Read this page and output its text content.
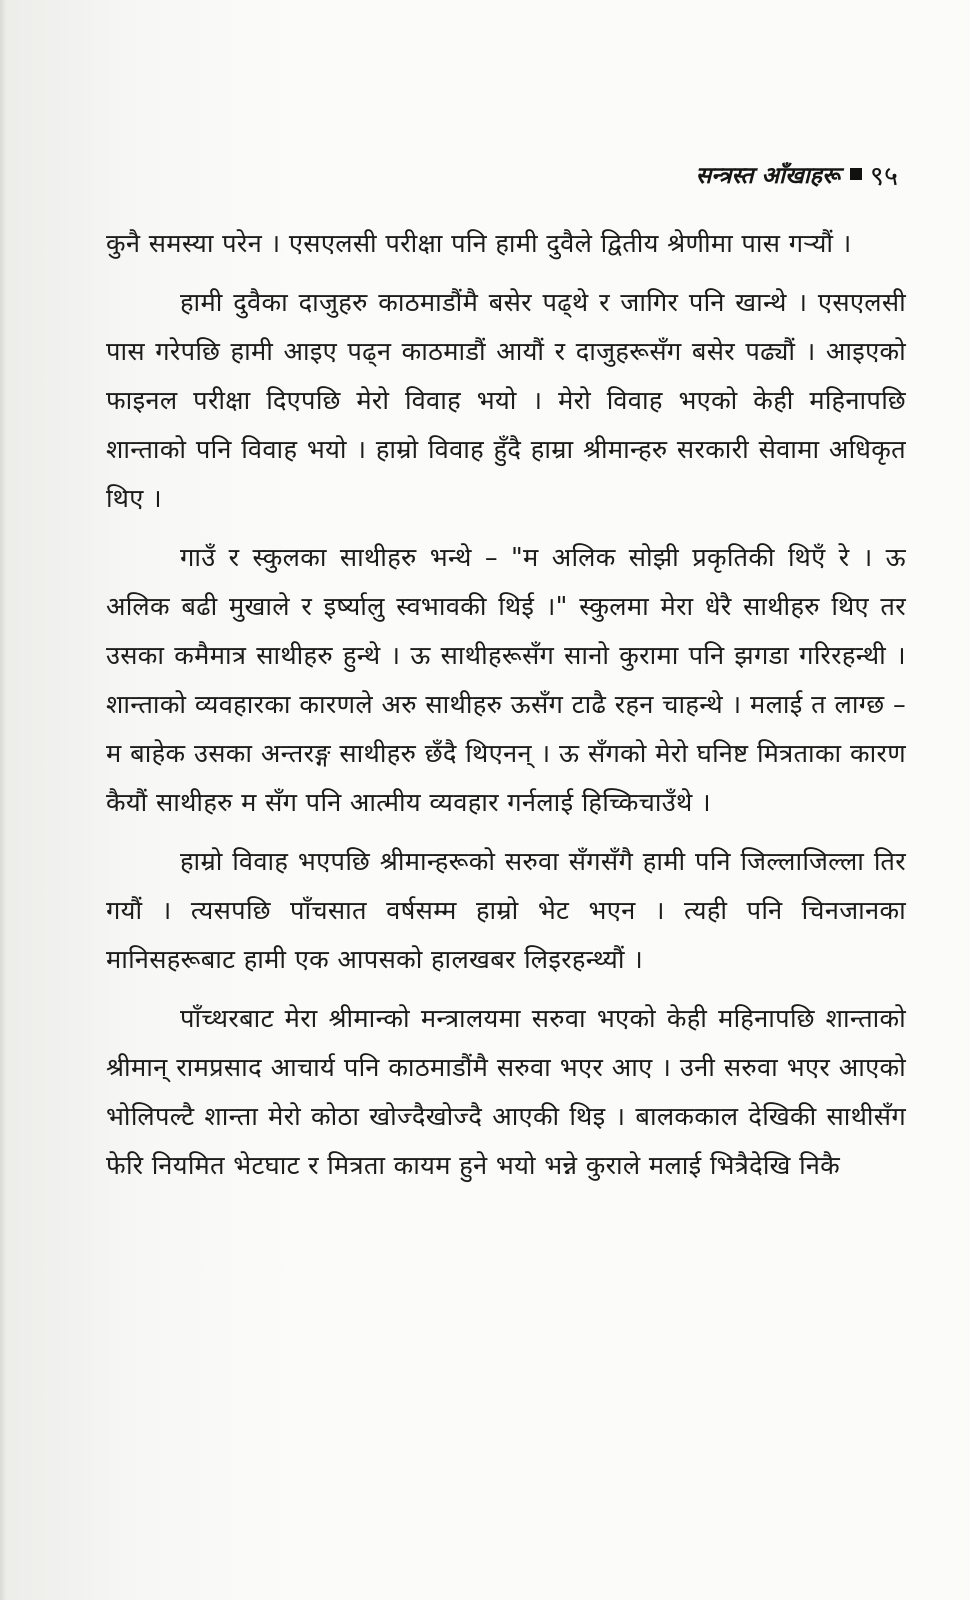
सन्त्रस्त आँखाहरू ९५

कुनै समस्या परेन । एसएलसी परीक्षा पनि हामी दुवैले द्वितीय श्रेणीमा पास गऱ्यौं ।

हामी दुवैका दाजुहरु काठमाडौंमै बसेर पढ्थे र जागिर पनि खान्थे । एसएलसी पास गरेपछि हामी आइए पढ्न काठमाडौं आयौं र दाजुहरूसँग बसेर पढ्यौं । आइएको फाइनल परीक्षा दिएपछि मेरो विवाह भयो । मेरो विवाह भएको केही महिनापछि शान्ताको पनि विवाह भयो । हाम्रो विवाह हुँदै हाम्रा श्रीमान्हरु सरकारी सेवामा अधिकृत थिए ।

गाउँ र स्कुलका साथीहरु भन्थे – "म अलिक सोझी प्रकृतिकी थिएँ रे । ऊ अलिक बढी मुखाले र इर्ष्यालु स्वभावकी थिई ।" स्कुलमा मेरा धेरै साथीहरु थिए तर उसका कमैमात्र साथीहरु हुन्थे । ऊ साथीहरूसँग सानो कुरामा पनि झगडा गरिरहन्थी । शान्ताको व्यवहारका कारणले अरु साथीहरु ऊसँग टाढै रहन चाहन्थे । मलाई त लाग्छ – म बाहेक उसका अन्तरङ्ग साथीहरु छँदै थिएनन् । ऊ सँगको मेरो घनिष्ट मित्रताका कारण कैयौं साथीहरु म सँग पनि आत्मीय व्यवहार गर्नलाई हिच्किचाउँथे ।

हाम्रो विवाह भएपछि श्रीमान्हरूको सरुवा सँगसँगै हामी पनि जिल्लाजिल्ला तिर गयौं । त्यसपछि पाँचसात वर्षसम्म हाम्रो भेट भएन । त्यही पनि चिनजानका मानिसहरूबाट हामी एक आपसको हालखबर लिइरहन्थ्यौं ।

पाँच्थरबाट मेरा श्रीमान्को मन्त्रालयमा सरुवा भएको केही महिनापछि शान्ताको श्रीमान् रामप्रसाद आचार्य पनि काठमाडौंमै सरुवा भएर आए । उनी सरुवा भएर आएको भोलिपल्टै शान्ता मेरो कोठा खोज्दैखोज्दै आएकी थिइ । बालककाल देखिकी साथीसँग फेरि नियमित भेटघाट र मित्रता कायम हुने भयो भन्ने कुराले मलाई भित्रैदेखि निकै
